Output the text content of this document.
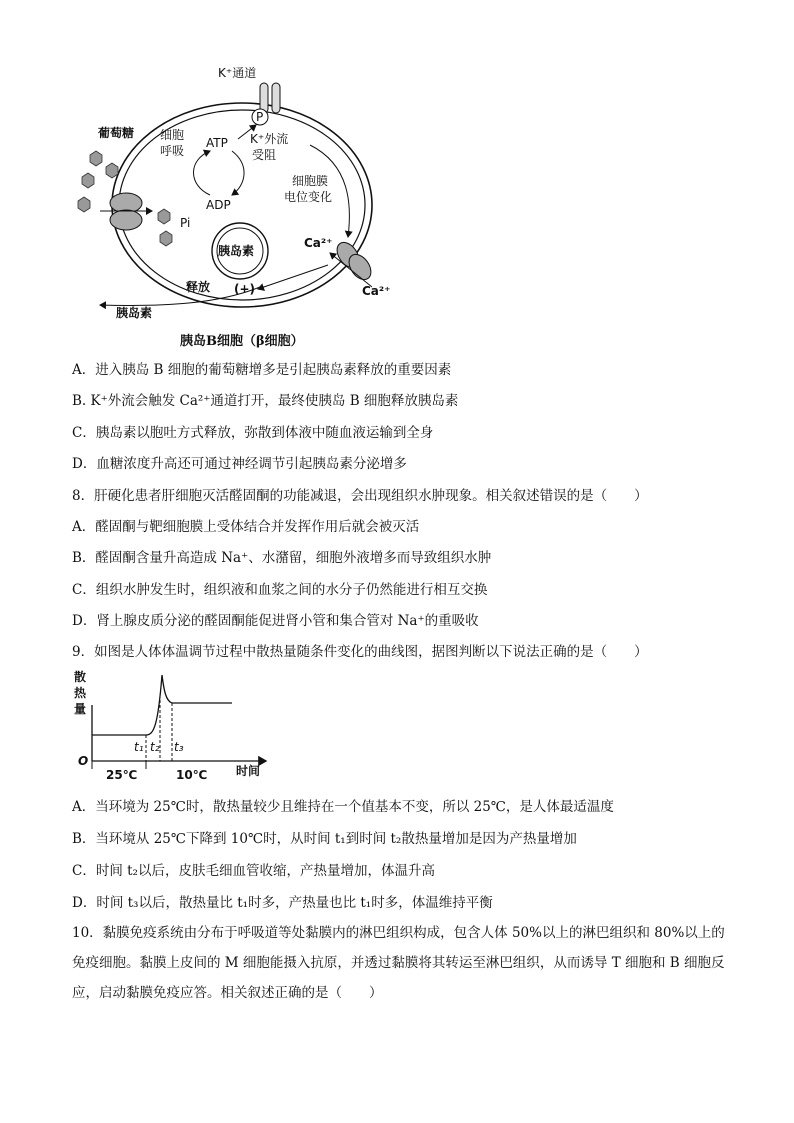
K⁺通道
P
葡萄糖 细胞
呼吸
ATP
ADP
Pi
K⁺外流
受阻
细胞膜
电位变化
Ca²⁺
Ca²⁺
胰岛素
释放 (+)
胰岛素
胰岛B细胞（β细胞）
A．进入胰岛 B 细胞的葡萄糖增多是引起胰岛素释放的重要因素
B. K⁺外流会触发 Ca²⁺通道打开，最终使胰岛 B 细胞释放胰岛素
C．胰岛素以胞吐方式释放，弥散到体液中随血液运输到全身
D．血糖浓度升高还可通过神经调节引起胰岛素分泌增多
8．肝硬化患者肝细胞灭活醛固酮的功能减退，会出现组织水肿现象。相关叙述错误的是（　　）
A．醛固酮与靶细胞膜上受体结合并发挥作用后就会被灭活
B．醛固酮含量升高造成 Na⁺、水潴留，细胞外液增多而导致组织水肿
C．组织水肿发生时，组织液和血浆之间的水分子仍然能进行相互交换
D．肾上腺皮质分泌的醛固酮能促进肾小管和集合管对 Na⁺的重吸收
9．如图是人体体温调节过程中散热量随条件变化的曲线图，据图判断以下说法正确的是（　　）
散
热
量
O
t₁ t₂ t₃
25℃	10℃ 时间
A．当环境为 25℃时，散热量较少且维持在一个值基本不变，所以 25℃，是人体最适温度
B．当环境从 25℃下降到 10℃时，从时间 t₁到时间 t₂散热量增加是因为产热量增加
C．时间 t₂以后，皮肤毛细血管收缩，产热量增加，体温升高
D．时间 t₃以后，散热量比 t₁时多，产热量也比 t₁时多，体温维持平衡
10．黏膜免疫系统由分布于呼吸道等处黏膜内的淋巴组织构成，包含人体 50%以上的淋巴组织和 80%以上的免疫细胞。黏膜上皮间的 M 细胞能摄入抗原，并透过黏膜将其转运至淋巴组织，从而诱导 T 细胞和 B 细胞反应，启动黏膜免疫应答。相关叙述正确的是（　　）
